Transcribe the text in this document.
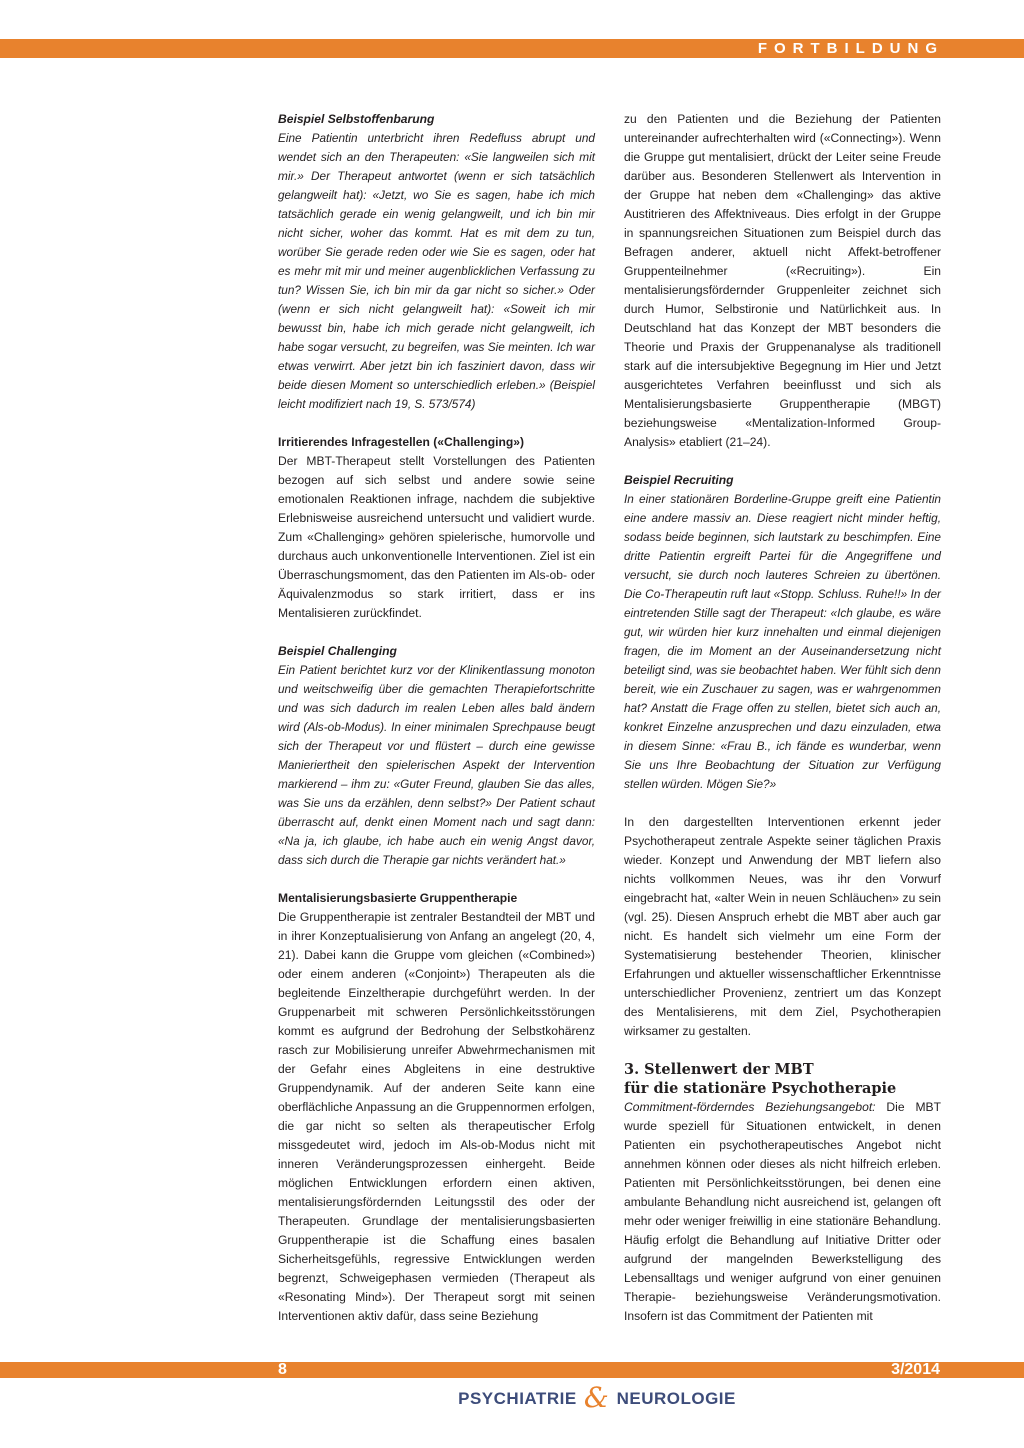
FORTBILDUNG

Beispiel Selbstoffenbarung

Eine Patientin unterbricht ihren Redefluss abrupt und wendet sich an den Therapeuten: «Sie langweilen sich mit mir.» Der Therapeut antwortet (wenn er sich tatsächlich gelangweilt hat): «Jetzt, wo Sie es sagen, habe ich mich tatsächlich gerade ein wenig gelangweilt, und ich bin mir nicht sicher, woher das kommt. Hat es mit dem zu tun, worüber Sie gerade reden oder wie Sie es sagen, oder hat es mehr mit mir und meiner augenblicklichen Verfassung zu tun? Wissen Sie, ich bin mir da gar nicht so sicher.» Oder (wenn er sich nicht gelangweilt hat): «Soweit ich mir bewusst bin, habe ich mich gerade nicht gelangweilt, ich habe sogar versucht, zu begreifen, was Sie meinten. Ich war etwas verwirrt. Aber jetzt bin ich fasziniert davon, dass wir beide diesen Moment so unterschiedlich erleben.» (Beispiel leicht modifiziert nach 19, S. 573/574)

Irritierendes Infragestellen («Challenging»)

Der MBT-Therapeut stellt Vorstellungen des Patienten bezogen auf sich selbst und andere sowie seine emotionalen Reaktionen infrage, nachdem die subjektive Erlebnisweise ausreichend untersucht und validiert wurde. Zum «Challenging» gehören spielerische, humorvolle und durchaus auch unkonventionelle Interventionen. Ziel ist ein Überraschungsmoment, das den Patienten im Als-ob- oder Äquivalenzmodus so stark irritiert, dass er ins Mentalisieren zurückfindet.

Beispiel Challenging

Ein Patient berichtet kurz vor der Klinikentlassung monoton und weitschweifig über die gemachten Therapiefortschritte und was sich dadurch im realen Leben alles bald ändern wird (Als-ob-Modus). In einer minimalen Sprechpause beugt sich der Therapeut vor und flüstert – durch eine gewisse Manieriertheit den spielerischen Aspekt der Intervention markierend – ihm zu: «Guter Freund, glauben Sie das alles, was Sie uns da erzählen, denn selbst?» Der Patient schaut überrascht auf, denkt einen Moment nach und sagt dann: «Na ja, ich glaube, ich habe auch ein wenig Angst davor, dass sich durch die Therapie gar nichts verändert hat.»

Mentalisierungsbasierte Gruppentherapie

Die Gruppentherapie ist zentraler Bestandteil der MBT und in ihrer Konzeptualisierung von Anfang an angelegt (20, 4, 21). Dabei kann die Gruppe vom gleichen («Combined») oder einem anderen («Conjoint») Therapeuten als die begleitende Einzeltherapie durchgeführt werden. In der Gruppenarbeit mit schweren Persönlichkeitsstörungen kommt es aufgrund der Bedrohung der Selbstkohärenz rasch zur Mobilisierung unreifer Abwehrmechanismen mit der Gefahr eines Abgleitens in eine destruktive Gruppendynamik. Auf der anderen Seite kann eine oberflächliche Anpassung an die Gruppennormen erfolgen, die gar nicht so selten als therapeutischer Erfolg missgedeutet wird, jedoch im Als-ob-Modus nicht mit inneren Veränderungsprozessen einhergeht. Beide möglichen Entwicklungen erfordern einen aktiven, mentalisierungsfördernden Leitungsstil des oder der Therapeuten. Grundlage der mentalisierungsbasierten Gruppentherapie ist die Schaffung eines basalen Sicherheitsgefühls, regressive Entwicklungen werden begrenzt, Schweigephasen vermieden (Therapeut als «Resonating Mind»). Der Therapeut sorgt mit seinen Interventionen aktiv dafür, dass seine Beziehung

zu den Patienten und die Beziehung der Patienten untereinander aufrechterhalten wird («Connecting»). Wenn die Gruppe gut mentalisiert, drückt der Leiter seine Freude darüber aus. Besonderen Stellenwert als Intervention in der Gruppe hat neben dem «Challenging» das aktive Austitrieren des Affektniveaus. Dies erfolgt in der Gruppe in spannungsreichen Situationen zum Beispiel durch das Befragen anderer, aktuell nicht Affekt-betroffener Gruppenteilnehmer («Recruiting»). Ein mentalisierungsfördernder Gruppenleiter zeichnet sich durch Humor, Selbstironie und Natürlichkeit aus. In Deutschland hat das Konzept der MBT besonders die Theorie und Praxis der Gruppenanalyse als traditionell stark auf die intersubjektive Begegnung im Hier und Jetzt ausgerichtetes Verfahren beeinflusst und sich als Mentalisierungsbasierte Gruppentherapie (MBGT) beziehungsweise «Mentalization-Informed Group-Analysis» etabliert (21–24).

Beispiel Recruiting

In einer stationären Borderline-Gruppe greift eine Patientin eine andere massiv an. Diese reagiert nicht minder heftig, sodass beide beginnen, sich lautstark zu beschimpfen. Eine dritte Patientin ergreift Partei für die Angegriffene und versucht, sie durch noch lauteres Schreien zu übertönen. Die Co-Therapeutin ruft laut «Stopp. Schluss. Ruhe!!» In der eintretenden Stille sagt der Therapeut: «Ich glaube, es wäre gut, wir würden hier kurz innehalten und einmal diejenigen fragen, die im Moment an der Auseinandersetzung nicht beteiligt sind, was sie beobachtet haben. Wer fühlt sich denn bereit, wie ein Zuschauer zu sagen, was er wahrgenommen hat? Anstatt die Frage offen zu stellen, bietet sich auch an, konkret Einzelne anzusprechen und dazu einzuladen, etwa in diesem Sinne: «Frau B., ich fände es wunderbar, wenn Sie uns Ihre Beobachtung der Situation zur Verfügung stellen würden. Mögen Sie?»

In den dargestellten Interventionen erkennt jeder Psychotherapeut zentrale Aspekte seiner täglichen Praxis wieder. Konzept und Anwendung der MBT liefern also nichts vollkommen Neues, was ihr den Vorwurf eingebracht hat, «alter Wein in neuen Schläuchen» zu sein (vgl. 25). Diesen Anspruch erhebt die MBT aber auch gar nicht. Es handelt sich vielmehr um eine Form der Systematisierung bestehender Theorien, klinischer Erfahrungen und aktueller wissenschaftlicher Erkenntnisse unterschiedlicher Provenienz, zentriert um das Konzept des Mentalisierens, mit dem Ziel, Psychotherapien wirksamer zu gestalten.

3. Stellenwert der MBT

für die stationäre Psychotherapie

Commitment-förderndes Beziehungsangebot: Die MBT wurde speziell für Situationen entwickelt, in denen Patienten ein psychotherapeutisches Angebot nicht annehmen können oder dieses als nicht hilfreich erleben. Patienten mit Persönlichkeitsstörungen, bei denen eine ambulante Behandlung nicht ausreichend ist, gelangen oft mehr oder weniger freiwillig in eine stationäre Behandlung. Häufig erfolgt die Behandlung auf Initiative Dritter oder aufgrund der mangelnden Bewerkstelligung des Lebensalltags und weniger aufgrund von einer genuinen Therapie- beziehungsweise Veränderungsmotivation. Insofern ist das Commitment der Patienten mit

8	3/2014
PSYCHIATRIE & NEUROLOGIE
